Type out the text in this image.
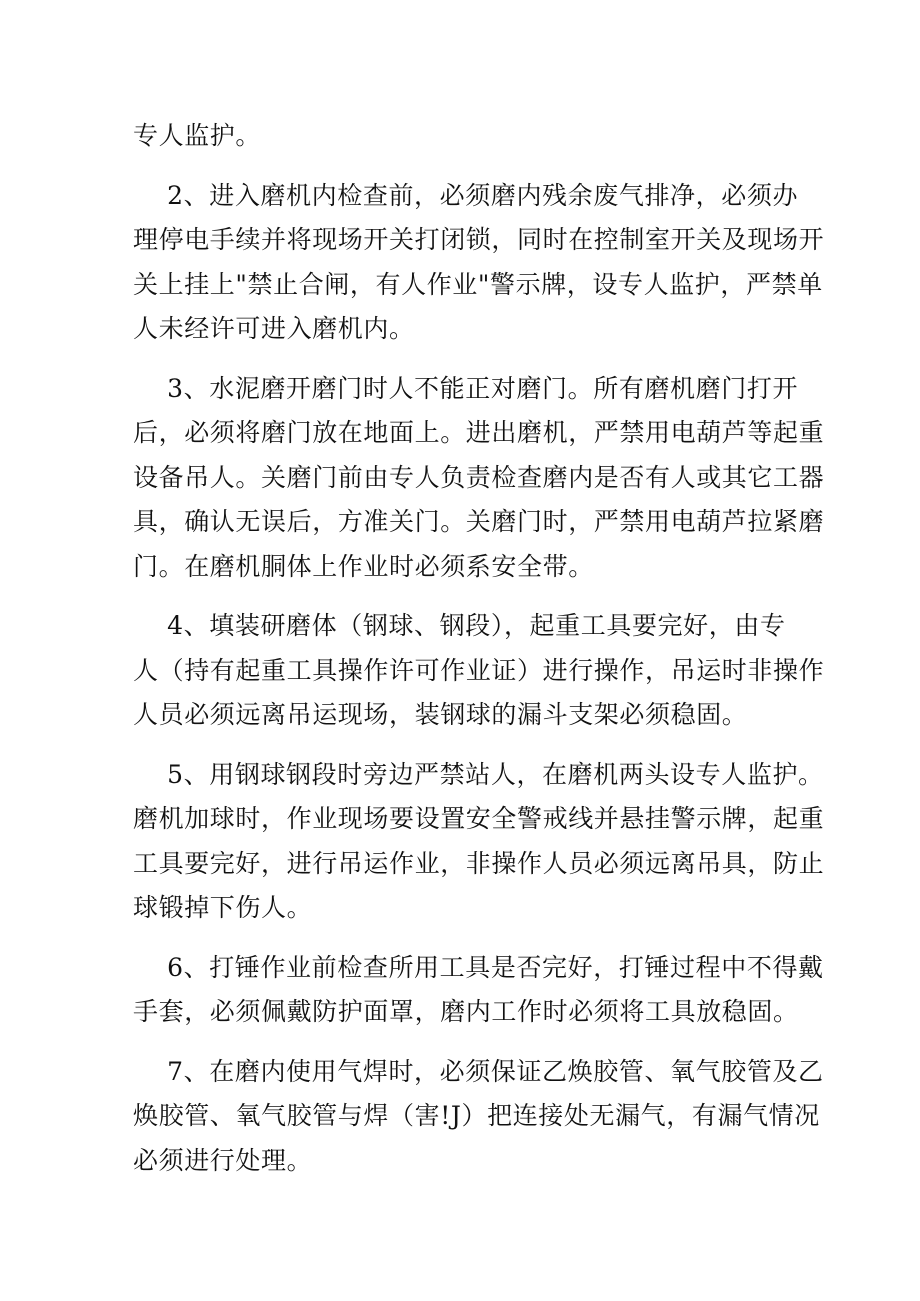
专人监护。
  2、进入磨机内检查前，必须磨内残余废气排净，必须办
理停电手续并将现场开关打闭锁，同时在控制室开关及现场开
关上挂上"禁止合闸，有人作业"警示牌，设专人监护，严禁单
人未经许可进入磨机内。
  3、水泥磨开磨门时人不能正对磨门。所有磨机磨门打开
后，必须将磨门放在地面上。进出磨机，严禁用电葫芦等起重
设备吊人。关磨门前由专人负责检查磨内是否有人或其它工器
具，确认无误后，方准关门。关磨门时，严禁用电葫芦拉紧磨
门。在磨机胴体上作业时必须系安全带。
  4、填装研磨体（钢球、钢段），起重工具要完好，由专
人（持有起重工具操作许可作业证）进行操作，吊运时非操作
人员必须远离吊运现场，装钢球的漏斗支架必须稳固。
  5、用钢球钢段时旁边严禁站人，在磨机两头设专人监护。
磨机加球时，作业现场要设置安全警戒线并悬挂警示牌，起重
工具要完好，进行吊运作业，非操作人员必须远离吊具，防止
球锻掉下伤人。
  6、打锤作业前检查所用工具是否完好，打锤过程中不得戴
手套，必须佩戴防护面罩，磨内工作时必须将工具放稳固。
  7、在磨内使用气焊时，必须保证乙焕胶管、氧气胶管及乙
焕胶管、氧气胶管与焊（害!J）把连接处无漏气，有漏气情况
必须进行处理。
